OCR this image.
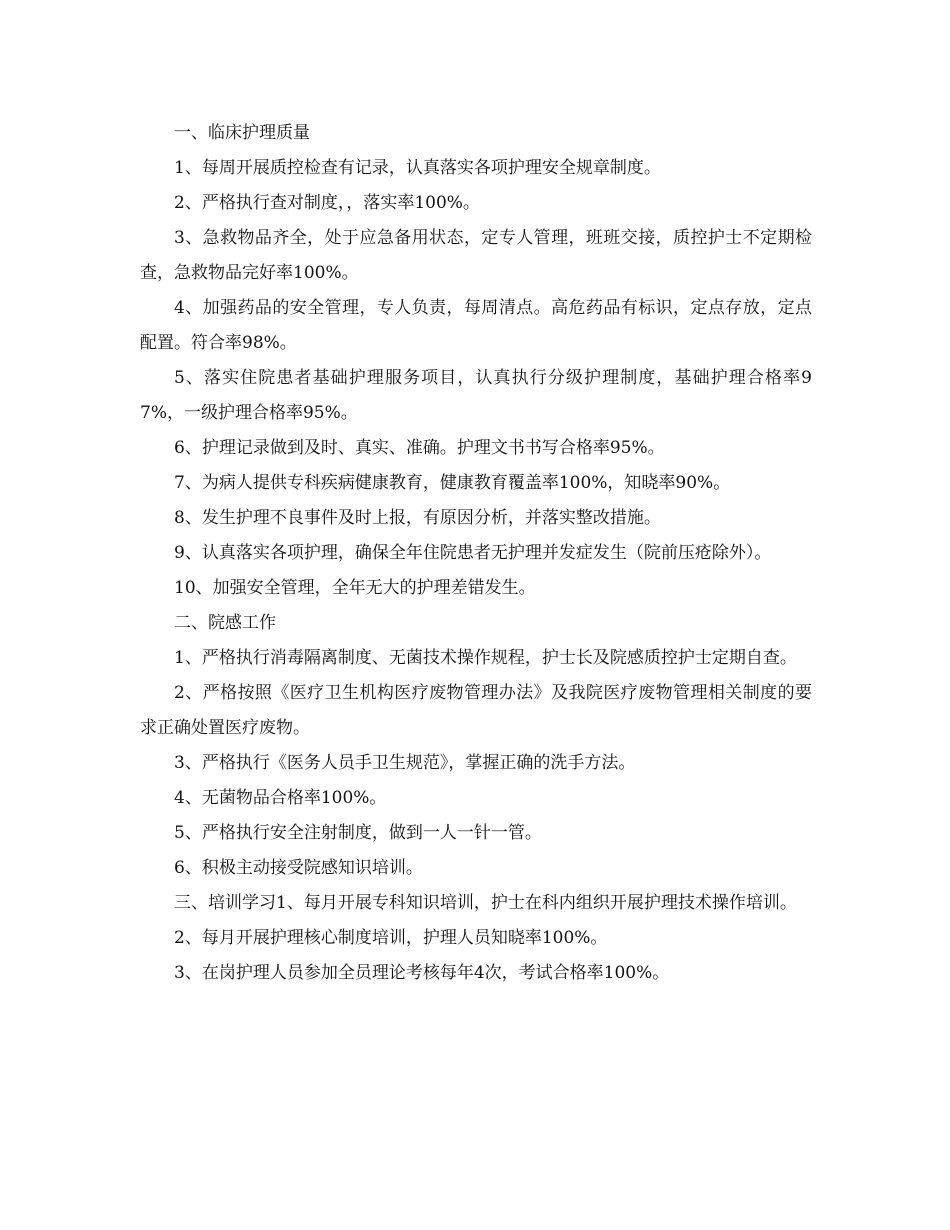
一、临床护理质量

1、每周开展质控检查有记录，认真落实各项护理安全规章制度。

2、严格执行查对制度，，落实率100%。

3、急救物品齐全，处于应急备用状态，定专人管理，班班交接，质控护士不定期检查，急救物品完好率100%。

4、加强药品的安全管理，专人负责，每周清点。高危药品有标识，定点存放，定点配置。符合率98%。

5、落实住院患者基础护理服务项目，认真执行分级护理制度，基础护理合格率97%，一级护理合格率95%。

6、护理记录做到及时、真实、准确。护理文书书写合格率95%。

7、为病人提供专科疾病健康教育，健康教育覆盖率100%，知晓率90%。

8、发生护理不良事件及时上报，有原因分析，并落实整改措施。

9、认真落实各项护理，确保全年住院患者无护理并发症发生（院前压疮除外）。

10、加强安全管理，全年无大的护理差错发生。

二、院感工作

1、严格执行消毒隔离制度、无菌技术操作规程，护士长及院感质控护士定期自查。

2、严格按照《医疗卫生机构医疗废物管理办法》及我院医疗废物管理相关制度的要求正确处置医疗废物。

3、严格执行《医务人员手卫生规范》，掌握正确的洗手方法。

4、无菌物品合格率100%。

5、严格执行安全注射制度，做到一人一针一管。

6、积极主动接受院感知识培训。

三、培训学习1、每月开展专科知识培训，护士在科内组织开展护理技术操作培训。

2、每月开展护理核心制度培训，护理人员知晓率100%。

3、在岗护理人员参加全员理论考核每年4次，考试合格率100%。
